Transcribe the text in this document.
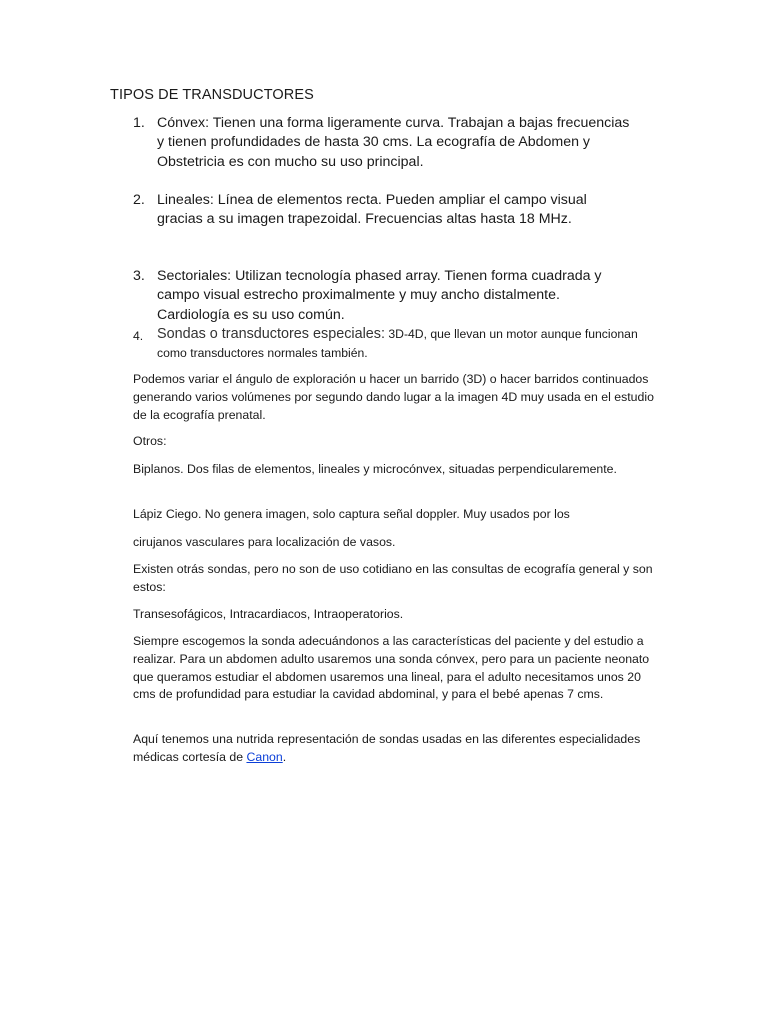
TIPOS DE TRANSDUCTORES
1. Cónvex: Tienen una forma ligeramente curva. Trabajan a bajas frecuencias y tienen profundidades de hasta 30 cms. La ecografía de Abdomen y Obstetricia es con mucho su uso principal.
2. Lineales: Línea de elementos recta. Pueden ampliar el campo visual gracias a su imagen trapezoidal. Frecuencias altas hasta 18 MHz.
3. Sectoriales: Utilizan tecnología phased array. Tienen forma cuadrada y campo visual estrecho proximalmente y muy ancho distalmente. Cardiología es su uso común.
4. Sondas o transductores especiales: 3D-4D, que llevan un motor aunque funcionan como transductores normales también.
Podemos variar el ángulo de exploración u hacer un barrido (3D) o hacer barridos continuados generando varios volúmenes por segundo dando lugar a la imagen 4D muy usada en el estudio de la ecografía prenatal.
Otros:
Biplanos. Dos filas de elementos, lineales y microcónvex, situadas perpendicularemente.
Lápiz Ciego. No genera imagen, solo captura señal doppler. Muy usados por los
cirujanos vasculares para localización de vasos.
Existen otrás sondas, pero no son de uso cotidiano en las consultas de ecografía general y son estos:
Transesofágicos, Intracardiacos, Intraoperatorios.
Siempre escogemos la sonda adecuándonos a las características del paciente y del estudio a realizar. Para un abdomen adulto usaremos una sonda cónvex, pero para un paciente neonato que queramos estudiar el abdomen usaremos una lineal, para el adulto necesitamos unos 20 cms de profundidad para estudiar la cavidad abdominal, y para el bebé apenas 7 cms.
Aquí tenemos una nutrida representación de sondas usadas en las diferentes especialidades médicas cortesía de Canon.
